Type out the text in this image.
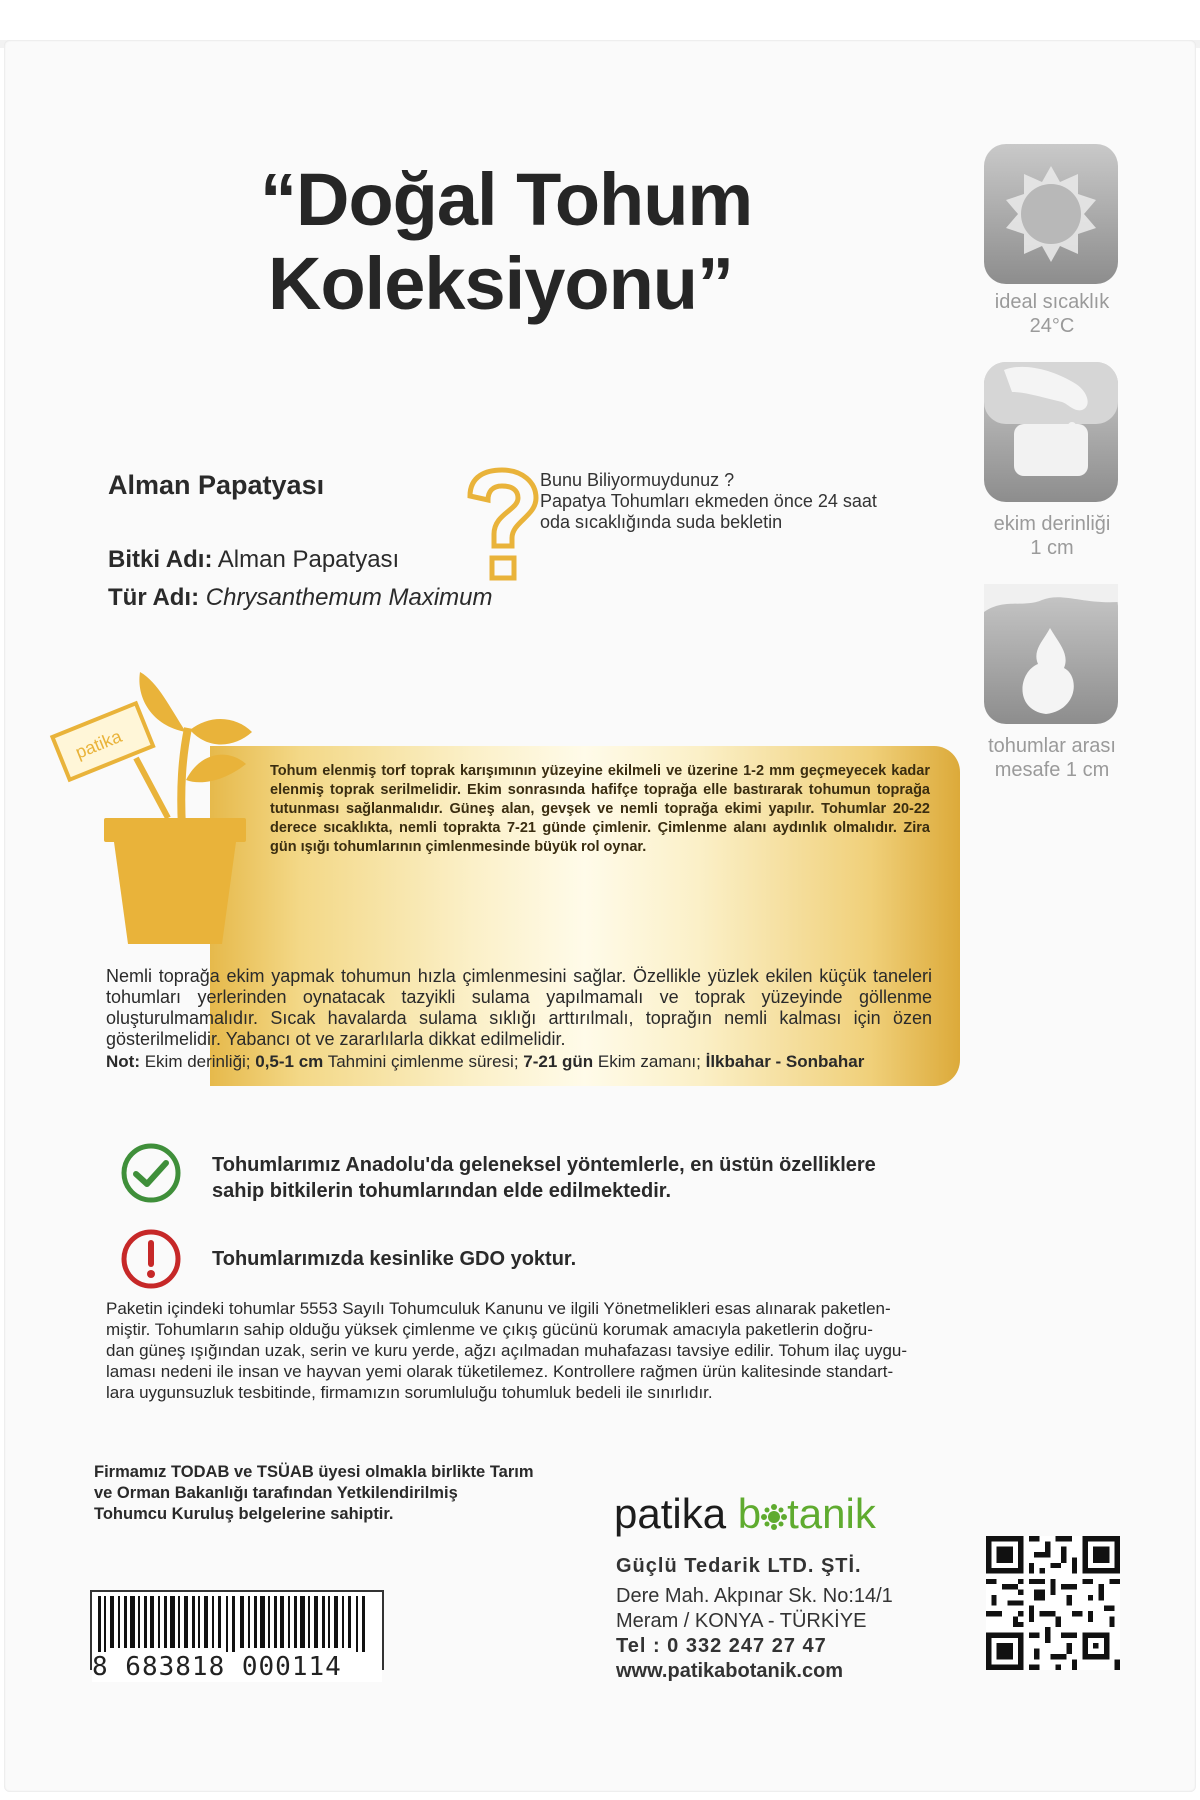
“Doğal Tohum
Koleksiyonu”	ideal sıcaklık
24°C
ekim derinliği
1 cm
tohumlar arası
mesafe 1 cm
Alman Papatyası
Bitki Adı: Alman Papatyası
Tür Adı: Chrysanthemum Maximum
Bunu Biliyormuydunuz ?
Papatya Tohumları ekmeden önce 24 saat
oda sıcaklığında suda bekletin
Tohum elenmiş torf toprak karışımının yüzeyine ekilmeli ve üzerine 1-2 mm geçmeyecek kadar elenmiş toprak serilmelidir. Ekim sonrasında hafifçe toprağa elle bastırarak tohumun toprağa tutunması sağlanmalıdır. Güneş alan, gevşek ve nemli toprağa ekimi yapılır. Tohumlar 20-22 derece sıcaklıkta, nemli toprakta 7-21 günde çimlenir. Çimlenme alanı aydınlık olmalıdır. Zira gün ışığı tohumlarının çimlenmesinde büyük rol oynar.
Nemli toprağa ekim yapmak tohumun hızla çimlenmesini sağlar. Özellikle yüzlek ekilen küçük taneleri tohumları yerlerinden oynatacak tazyikli sulama yapılmamalı ve toprak yüzeyinde göllenme oluşturulmamalıdır. Sıcak havalarda sulama sıklığı arttırılmalı, toprağın nemli kalması için özen gösterilmelidir. Yabancı ot ve zararlılarla dikkat edilmelidir.
Not: Ekim derinliği; 0,5-1 cm Tahmini çimlenme süresi; 7-21 gün Ekim zamanı; İlkbahar - Sonbahar
patika
Tohumlarımız Anadolu'da geleneksel yöntemlerle, en üstün özelliklere sahip bitkilerin tohumlarından elde edilmektedir.
Tohumlarımızda kesinlike GDO yoktur.
Paketin içindeki tohumlar 5553 Sayılı Tohumculuk Kanunu ve ilgili Yönetmelikleri esas alınarak paketlen-
miştir. Tohumların sahip olduğu yüksek çimlenme ve çıkış gücünü korumak amacıyla paketlerin doğru-
dan güneş ışığından uzak, serin ve kuru yerde, ağzı açılmadan muhafazası tavsiye edilir. Tohum ilaç uygu-
laması nedeni ile insan ve hayvan yemi olarak tüketilemez. Kontrollere rağmen ürün kalitesinde standart-
lara uygunsuzluk tesbitinde, firmamızın sorumluluğu tohumluk bedeli ile sınırlıdır.
Firmamız TODAB ve TSÜAB üyesi olmakla birlikte Tarım
ve Orman Bakanlığı tarafından Yetkilendirilmiş
Tohumcu Kuruluş belgelerine sahiptir.
8 683818 000114
patika b tanik
Güçlü Tedarik LTD. ŞTİ.
Dere Mah. Akpınar Sk. No:14/1
Meram / KONYA - TÜRKİYE
Tel : 0 332 247 27 47
www.patikabotanik.com
